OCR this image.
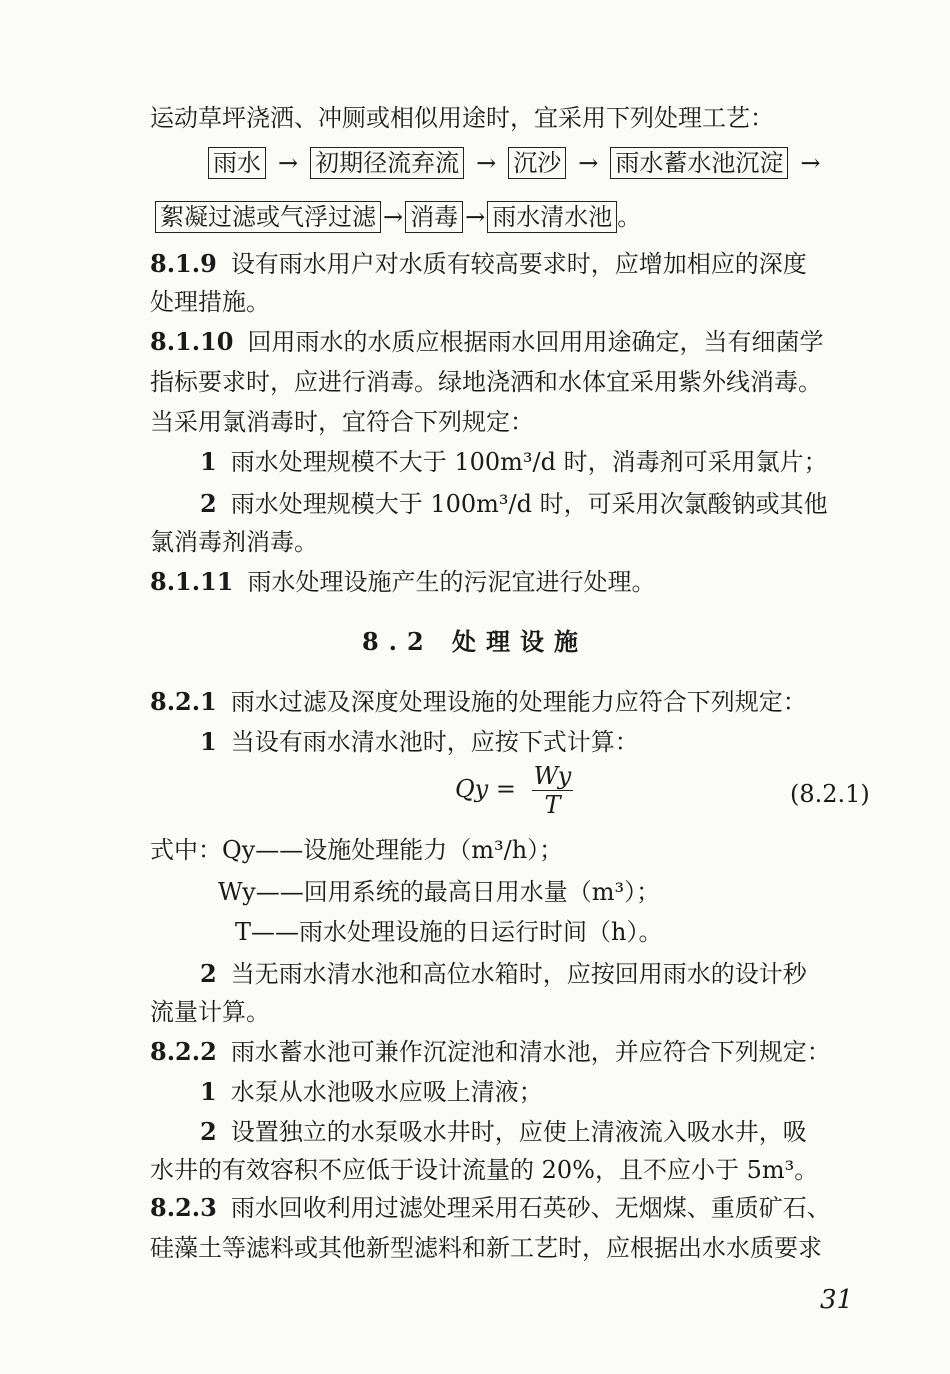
运动草坪浇洒、冲厕或相似用途时，宜采用下列处理工艺：
雨水 → 初期径流弃流 → 沉沙 → 雨水蓄水池沉淀 →
絮凝过滤或气浮过滤 → 消毒 → 雨水清水池 。
8.1.9 设有雨水用户对水质有较高要求时，应增加相应的深度
处理措施。
8.1.10 回用雨水的水质应根据雨水回用用途确定，当有细菌学
指标要求时，应进行消毒。绿地浇洒和水体宜采用紫外线消毒。
当采用氯消毒时，宜符合下列规定：
1 雨水处理规模不大于 100m³/d 时，消毒剂可采用氯片；
2 雨水处理规模大于 100m³/d 时，可采用次氯酸钠或其他
氯消毒剂消毒。
8.1.11 雨水处理设施产生的污泥宜进行处理。
8.2 处理设施
8.2.1 雨水过滤及深度处理设施的处理能力应符合下列规定：
1 当设有雨水清水池时，应按下式计算：
$Qy = \frac{Wy}{T}$	(8.2.1)
式中：Qy——设施处理能力（m³/h）；
Wy——回用系统的最高日用水量（m³）；
T——雨水处理设施的日运行时间（h）。
2 当无雨水清水池和高位水箱时，应按回用雨水的设计秒
流量计算。
8.2.2 雨水蓄水池可兼作沉淀池和清水池，并应符合下列规定：
1 水泵从水池吸水应吸上清液；
2 设置独立的水泵吸水井时，应使上清液流入吸水井，吸
水井的有效容积不应低于设计流量的 20%，且不应小于 5m³。
8.2.3 雨水回收利用过滤处理采用石英砂、无烟煤、重质矿石、
硅藻土等滤料或其他新型滤料和新工艺时，应根据出水水质要求
31
